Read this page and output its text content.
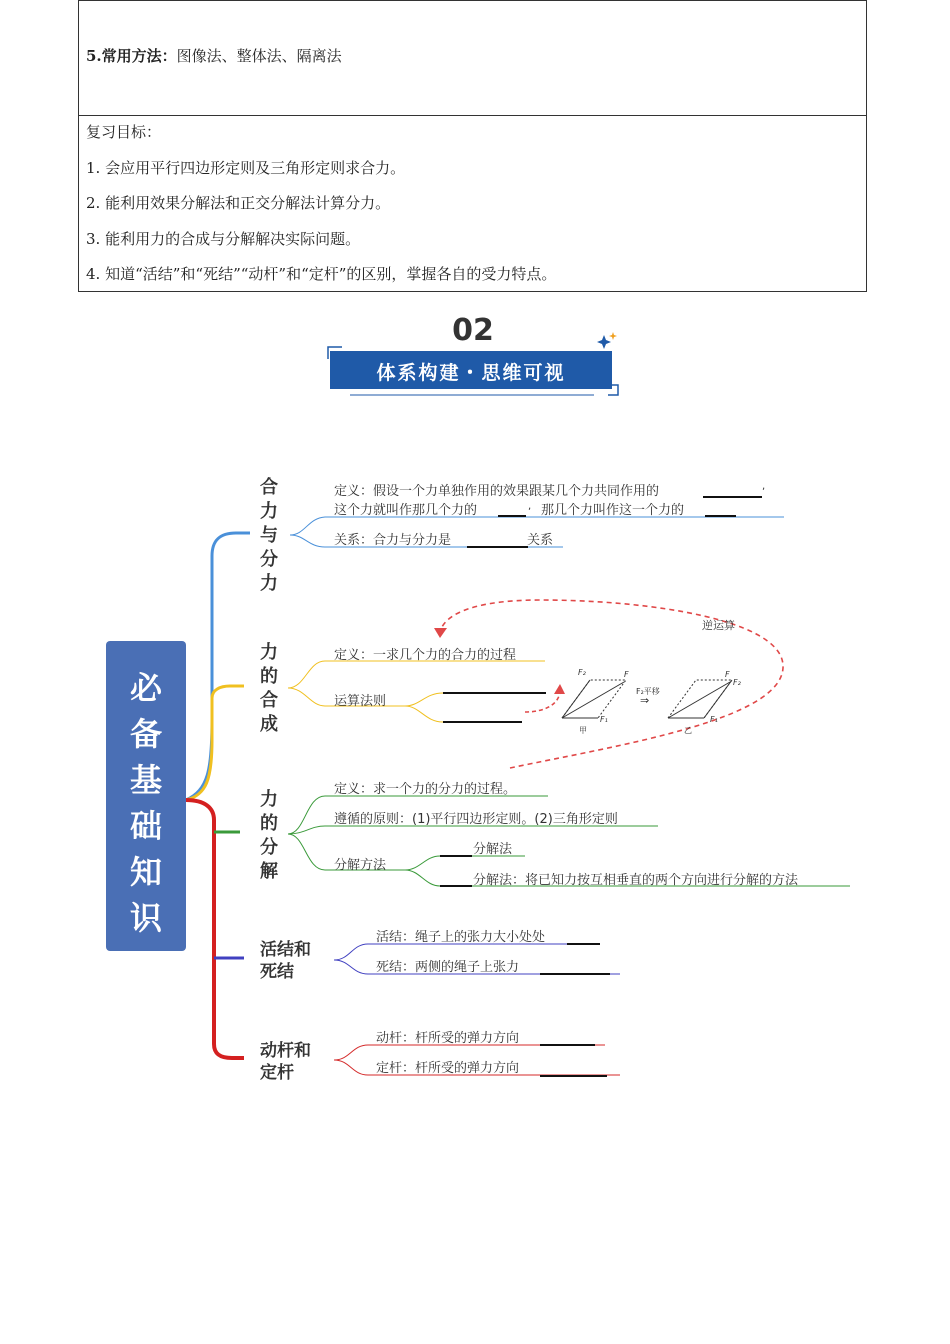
5.常用方法：图像法、整体法、隔离法
复习目标：
1. 会应用平行四边形定则及三角形定则求合力。
2. 能利用效果分解法和正交分解法计算分力。
3. 能利用力的合成与分解解决实际问题。
4. 知道“活结”和“死结”“动杆”和“定杆”的区别，掌握各自的受力特点。
02
体系构建・思维可视
F₂	F
F₁
F₂平移
⇒
F
F₂
F₁
甲	乙
必
备
基
础
知
识
合
力
与
分
力
定义：假设一个力单独作用的效果跟某几个力共同作用的	,
这个力就叫作那几个力的	, 那几个力叫作这一个力的
关系：合力与分力是	关系
力
的
合
成
定义：一求几个力的合力的过程
运算法则
逆运算
力
的
分
解
定义：求一个力的分力的过程。
遵循的原则：(1)平行四边形定则。(2)三角形定则
分解方法
分解法
分解法：将已知力按互相垂直的两个方向进行分解的方法
活结和
死结
活结：绳子上的张力大小处处
死结：两侧的绳子上张力
动杆和
定杆
动杆：杆所受的弹力方向
定杆：杆所受的弹力方向
